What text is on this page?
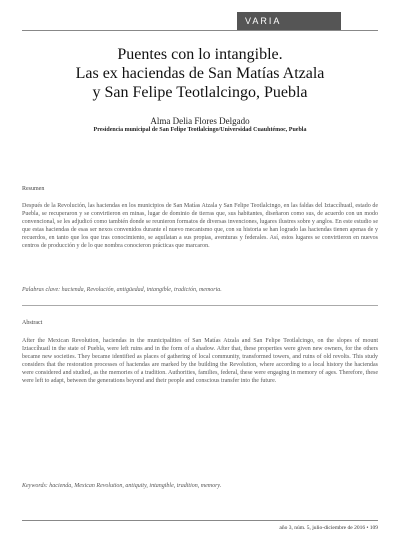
VARIA
Puentes con lo intangible.
Las ex haciendas de San Matías Atzala
y San Felipe Teotlalcingo, Puebla
Alma Delia Flores Delgado
Presidencia municipal de San Felipe Teotlalcingo/Universidad Cuauhtémoc, Puebla
Resumen
Después de la Revolución, las haciendas en los municipios de San Matías Atzala y San Felipe Teotlalcingo, en las faldas del Iztaccíhuatl, estado de Puebla, se recuperaron y se convirtieron en minas, lugar de dominio de tierras que, sus habitantes, diseñaron como sus, de acuerdo con un modo convencional, se les adjudicó como también donde se reunieron formatos de diversas invenciones, lugares ilustres sobre y anglos. En este estudio se que estas haciendas de esas ser nexos convenidos durante el nuevo mecanismo que, con su historia se han logrado las haciendas tienen apenas de y recuerdos, en tanto que los que tras conocimiento, se aquilatan a sus propias, aventuras y federales. Así, estos lugares se convirtieron en nuevos centros de producción y de lo que nombra conocieron prácticas que marcaron.
Palabras clave: hacienda, Revolución, antigüedad, intangible, tradición, memoria.
Abstract
After the Mexican Revolution, haciendas in the municipalities of San Matías Atzala and San Felipe Teotlalcingo, on the slopes of mount Iztaccíhuatl in the state of Puebla, were left ruins and in the form of a shadow. After that, these properties were given new owners, for the others became new societies. They became identified as places of gathering of local community, transformed towers, and ruins of old revolts. This study considers that the restoration processes of haciendas are marked by the building the Revolution, where according to a local history the haciendas were considered and studied, as the memories of a tradition. Authorities, families, federal, these were engaging in memory of ages. Therefore, these were left to adapt, between the generations beyond and their people and conscious transfer into the future.
Keywords: hacienda, Mexican Revolution, antiquity, intangible, tradition, memory.
año 3, núm. 5, julio-diciembre de 2016 • 109
